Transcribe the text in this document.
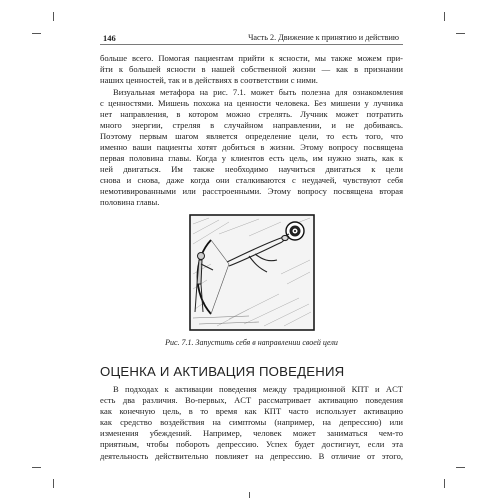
146	Часть 2. Движение к принятию и действию
больше всего. Помогая пациентам прийти к ясности, мы также можем при-
йти к большей ясности в нашей собственной жизни — как в признании
наших ценностей, так и в действиях в соответствии с ними.
Визуальная метафора на рис. 7.1. может быть полезна для ознакомления
с ценностями. Мишень похожа на ценности человека. Без мишени у лучника
нет направления, в котором можно стрелять. Лучник может потратить
много энергии, стреляя в случайном направлении, и не добиваясь.
Поэтому первым шагом является определение цели, то есть того, что
именно ваши пациенты хотят добиться в жизни. Этому вопросу посвящена
первая половина главы. Когда у клиентов есть цель, им нужно знать, как к
ней двигаться. Им также необходимо научиться двигаться к цели
снова и снова, даже когда они сталкиваются с неудачей, чувствуют себя
немотивированными или расстроенными. Этому вопросу посвящена вторая
половина главы.
Рис. 7.1. Запустить себя в направлении своей цели
ОЦЕНКА И АКТИВАЦИЯ ПОВЕДЕНИЯ
В подходах к активации поведения между традиционной КПТ и ACT
есть два различия. Во-первых, ACT рассматривает активацию поведения
как конечную цель, в то время как КПТ часто использует активацию
как средство воздействия на симптомы (например, на депрессию) или
изменения убеждений. Например, человек может заниматься чем-то
приятным, чтобы побороть депрессию. Успех будет достигнут, если эта
деятельность действительно повлияет на депрессию. В отличие от этого,
